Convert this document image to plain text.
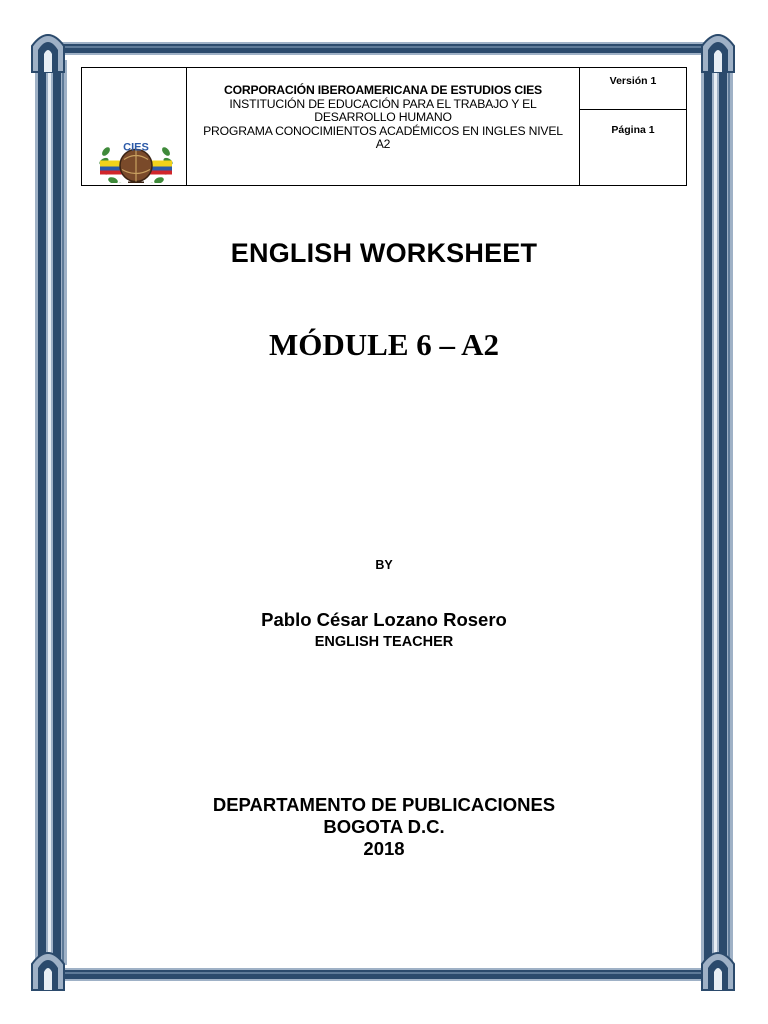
CIES
CORPORACIÓN IBEROAMERICANA DE ESTUDIOS CIES
INSTITUCIÓN DE EDUCACIÓN PARA EL TRABAJO Y EL
DESARROLLO HUMANO
PROGRAMA CONOCIMIENTOS ACADÉMICOS EN INGLES NIVEL
A2
Versión 1
Página 1
ENGLISH WORKSHEET
MÓDULE 6 – A2
BY
Pablo César Lozano Rosero
ENGLISH TEACHER
DEPARTAMENTO DE PUBLICACIONES
BOGOTA D.C.
2018
